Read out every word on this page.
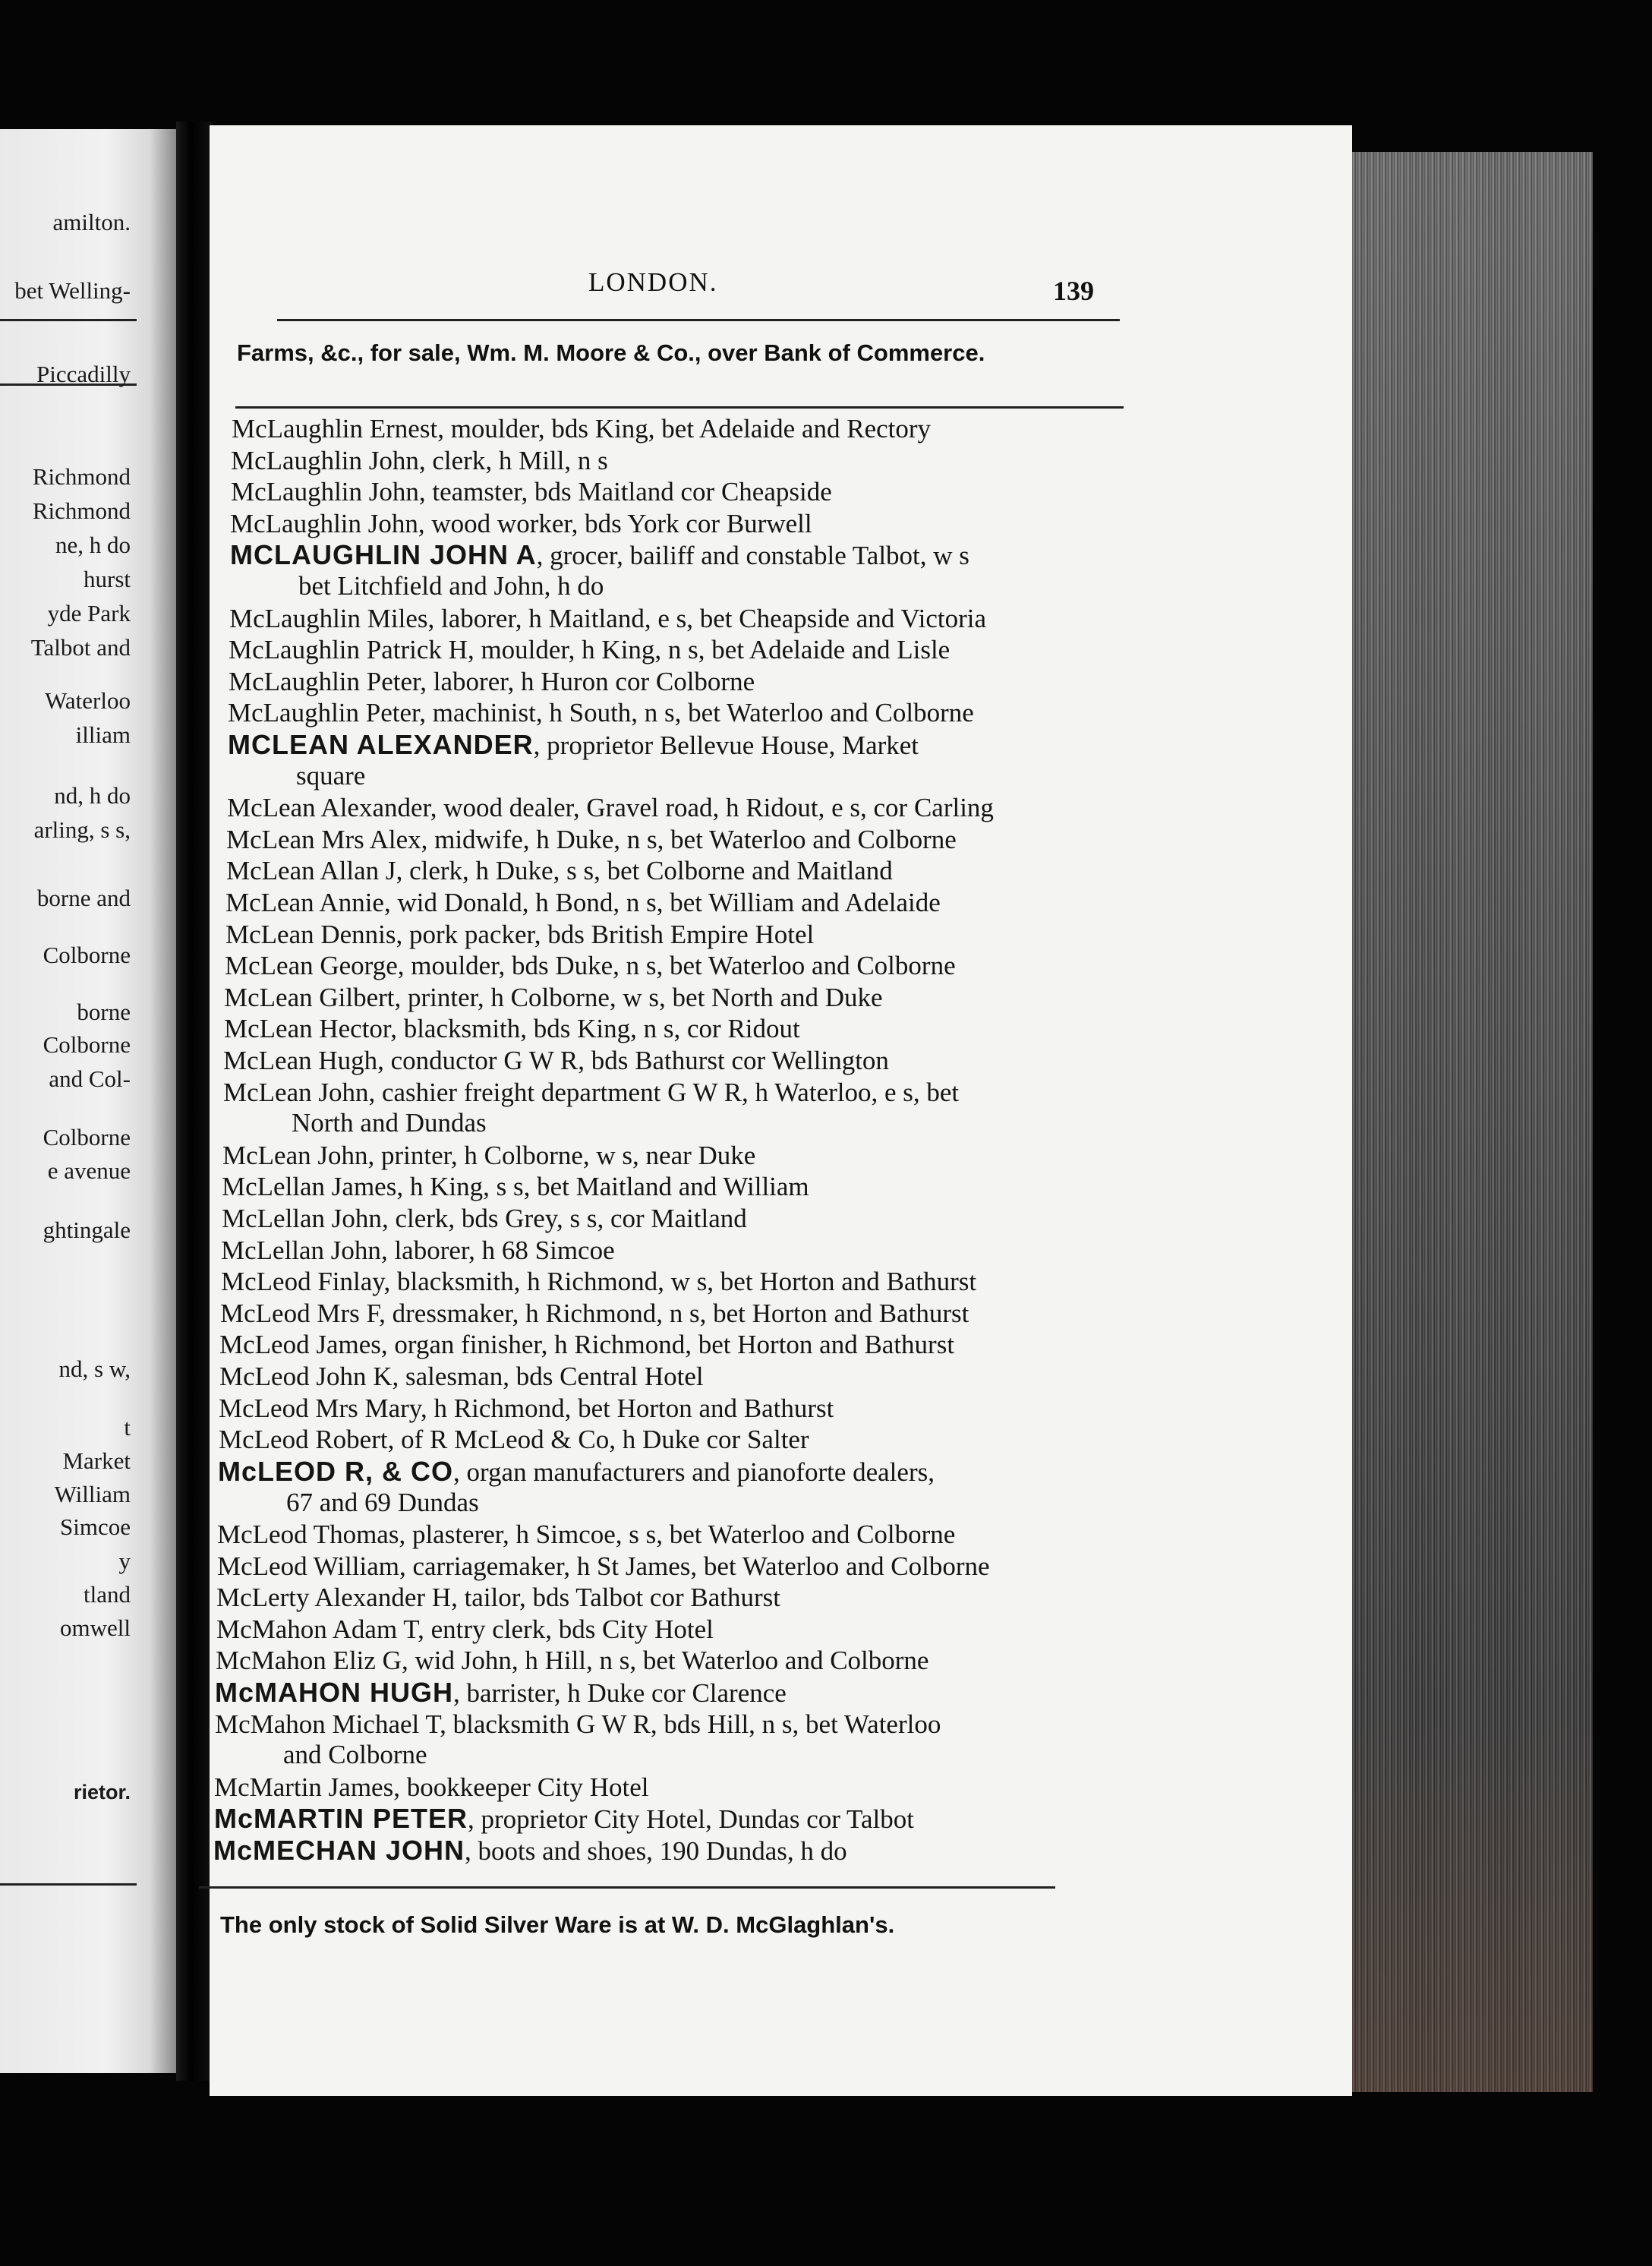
amilton.
bet Welling-
Piccadilly
Richmond
Richmond
ne, h do
hurst
yde Park
Talbot and
Waterloo
illiam
nd, h do
arling, s s,
borne and
Colborne
borne
Colborne
and Col-
Colborne
e avenue
ghtingale
nd, s w,
t
Market
William
Simcoe
y
tland
omwell
rietor.
LONDON.	139
Farms, &c., for sale, Wm. M. Moore & Co., over Bank of Commerce.
McLaughlin Ernest, moulder, bds King, bet Adelaide and Rectory
McLaughlin John, clerk, h Mill, n s
McLaughlin John, teamster, bds Maitland cor Cheapside
McLaughlin John, wood worker, bds York cor Burwell
MCLAUGHLIN JOHN A, grocer, bailiff and constable Talbot, w s
bet Litchfield and John, h do
McLaughlin Miles, laborer, h Maitland, e s, bet Cheapside and Victoria
McLaughlin Patrick H, moulder, h King, n s, bet Adelaide and Lisle
McLaughlin Peter, laborer, h Huron cor Colborne
McLaughlin Peter, machinist, h South, n s, bet Waterloo and Colborne
MCLEAN ALEXANDER, proprietor Bellevue House, Market
square
McLean Alexander, wood dealer, Gravel road, h Ridout, e s, cor Carling
McLean Mrs Alex, midwife, h Duke, n s, bet Waterloo and Colborne
McLean Allan J, clerk, h Duke, s s, bet Colborne and Maitland
McLean Annie, wid Donald, h Bond, n s, bet William and Adelaide
McLean Dennis, pork packer, bds British Empire Hotel
McLean George, moulder, bds Duke, n s, bet Waterloo and Colborne
McLean Gilbert, printer, h Colborne, w s, bet North and Duke
McLean Hector, blacksmith, bds King, n s, cor Ridout
McLean Hugh, conductor G W R, bds Bathurst cor Wellington
McLean John, cashier freight department G W R, h Waterloo, e s, bet
North and Dundas
McLean John, printer, h Colborne, w s, near Duke
McLellan James, h King, s s, bet Maitland and William
McLellan John, clerk, bds Grey, s s, cor Maitland
McLellan John, laborer, h 68 Simcoe
McLeod Finlay, blacksmith, h Richmond, w s, bet Horton and Bathurst
McLeod Mrs F, dressmaker, h Richmond, n s, bet Horton and Bathurst
McLeod James, organ finisher, h Richmond, bet Horton and Bathurst
McLeod John K, salesman, bds Central Hotel
McLeod Mrs Mary, h Richmond, bet Horton and Bathurst
McLeod Robert, of R McLeod & Co, h Duke cor Salter
McLEOD R, & CO, organ manufacturers and pianoforte dealers,
67 and 69 Dundas
McLeod Thomas, plasterer, h Simcoe, s s, bet Waterloo and Colborne
McLeod William, carriagemaker, h St James, bet Waterloo and Colborne
McLerty Alexander H, tailor, bds Talbot cor Bathurst
McMahon Adam T, entry clerk, bds City Hotel
McMahon Eliz G, wid John, h Hill, n s, bet Waterloo and Colborne
McMAHON HUGH, barrister, h Duke cor Clarence
McMahon Michael T, blacksmith G W R, bds Hill, n s, bet Waterloo
and Colborne
McMartin James, bookkeeper City Hotel
McMARTIN PETER, proprietor City Hotel, Dundas cor Talbot
McMECHAN JOHN, boots and shoes, 190 Dundas, h do
The only stock of Solid Silver Ware is at W. D. McGlaghlan's.
